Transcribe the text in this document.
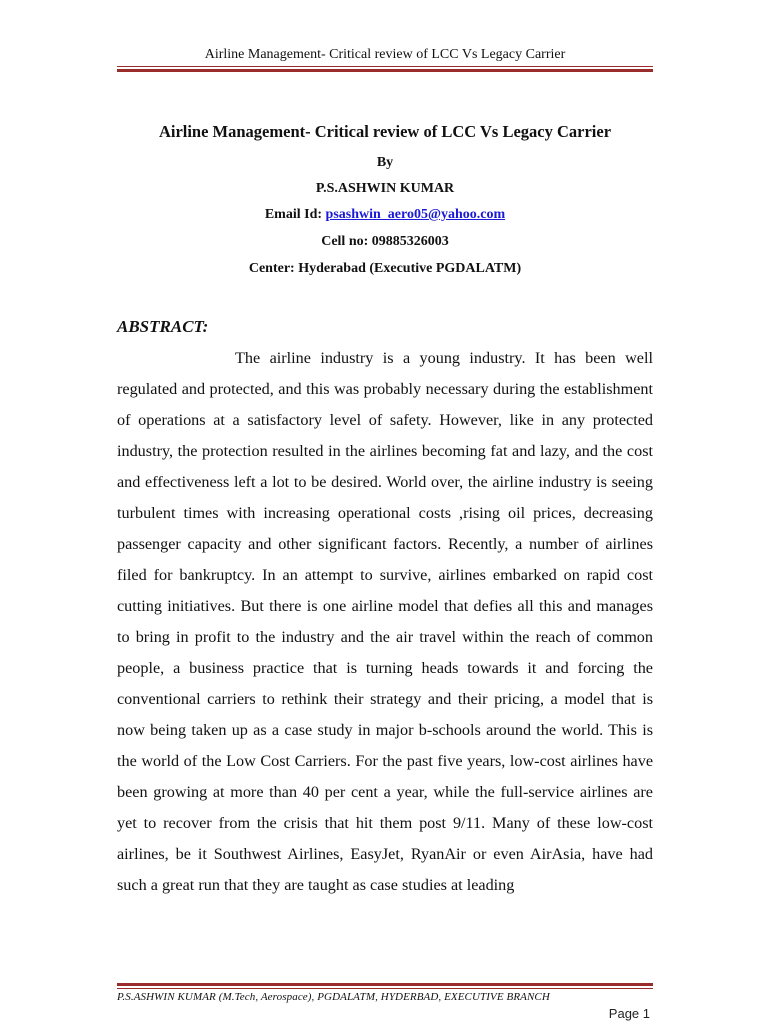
Airline Management- Critical review of LCC Vs Legacy Carrier
Airline Management- Critical review of LCC Vs Legacy Carrier
By
P.S.ASHWIN KUMAR
Email Id: psashwin_aero05@yahoo.com
Cell no: 09885326003
Center: Hyderabad (Executive PGDALATM)
ABSTRACT:

The airline industry is a young industry. It has been well regulated and protected, and this was probably necessary during the establishment of operations at a satisfactory level of safety. However, like in any protected industry, the protection resulted in the airlines becoming fat and lazy, and the cost and effectiveness left a lot to be desired. World over, the airline industry is seeing turbulent times with increasing operational costs ,rising oil prices, decreasing passenger capacity and other significant factors. Recently, a number of airlines filed for bankruptcy. In an attempt to survive, airlines embarked on rapid cost cutting initiatives. But there is one airline model that defies all this and manages to bring in profit to the industry and the air travel within the reach of common people, a business practice that is turning heads towards it and forcing the conventional carriers to rethink their strategy and their pricing, a model that is now being taken up as a case study in major b-schools around the world. This is the world of the Low Cost Carriers. For the past five years, low-cost airlines have been growing at more than 40 per cent a year, while the full-service airlines are yet to recover from the crisis that hit them post 9/11. Many of these low-cost airlines, be it Southwest Airlines, EasyJet, RyanAir or even AirAsia, have had such a great run that they are taught as case studies at leading

P.S.ASHWIN KUMAR (M.Tech, Aerospace), PGDALATM, HYDERBAD, EXECUTIVE BRANCH
Page 1
